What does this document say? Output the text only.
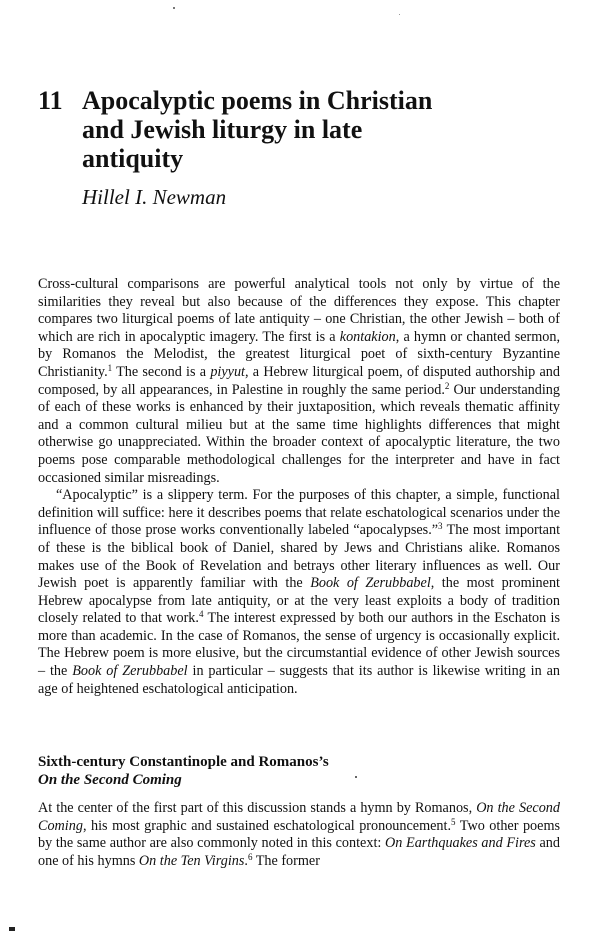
11 Apocalyptic poems in Christian and Jewish liturgy in late antiquity

Hillel I. Newman

Cross-cultural comparisons are powerful analytical tools not only by virtue of the similarities they reveal but also because of the differences they expose. This chapter compares two liturgical poems of late antiquity – one Christian, the other Jewish – both of which are rich in apocalyptic imagery. The first is a kontakion, a hymn or chanted sermon, by Romanos the Melodist, the greatest liturgical poet of sixth-century Byzantine Christianity.$^1$ The second is a piyyut, a Hebrew liturgical poem, of disputed authorship and composed, by all appearances, in Palestine in roughly the same period.$^2$ Our understanding of each of these works is enhanced by their juxtaposition, which reveals thematic affinity and a common cultural milieu but at the same time highlights differences that might otherwise go unappreciated. Within the broader context of apocalyptic literature, the two poems pose comparable methodological challenges for the interpreter and have in fact occasioned similar misreadings.

“Apocalyptic” is a slippery term. For the purposes of this chapter, a simple, functional definition will suffice: here it describes poems that relate eschatological scenarios under the influence of those prose works conventionally labeled “apocalypses.”$^3$ The most important of these is the biblical book of Daniel, shared by Jews and Christians alike. Romanos makes use of the Book of Revelation and betrays other literary influences as well. Our Jewish poet is apparently familiar with the Book of Zerubbabel, the most prominent Hebrew apocalypse from late antiquity, or at the very least exploits a body of tradition closely related to that work.$^4$ The interest expressed by both our authors in the Eschaton is more than academic. In the case of Romanos, the sense of urgency is occasionally explicit. The Hebrew poem is more elusive, but the circumstantial evidence of other Jewish sources – the Book of Zerubbabel in particular – suggests that its author is likewise writing in an age of heightened eschatological anticipation.

Sixth-century Constantinople and Romanos’s
On the Second Coming

At the center of the first part of this discussion stands a hymn by Romanos, On the Second Coming, his most graphic and sustained eschatological pronouncement.$^5$ Two other poems by the same author are also commonly noted in this context: On Earthquakes and Fires and one of his hymns On the Ten Virgins.$^6$ The former
